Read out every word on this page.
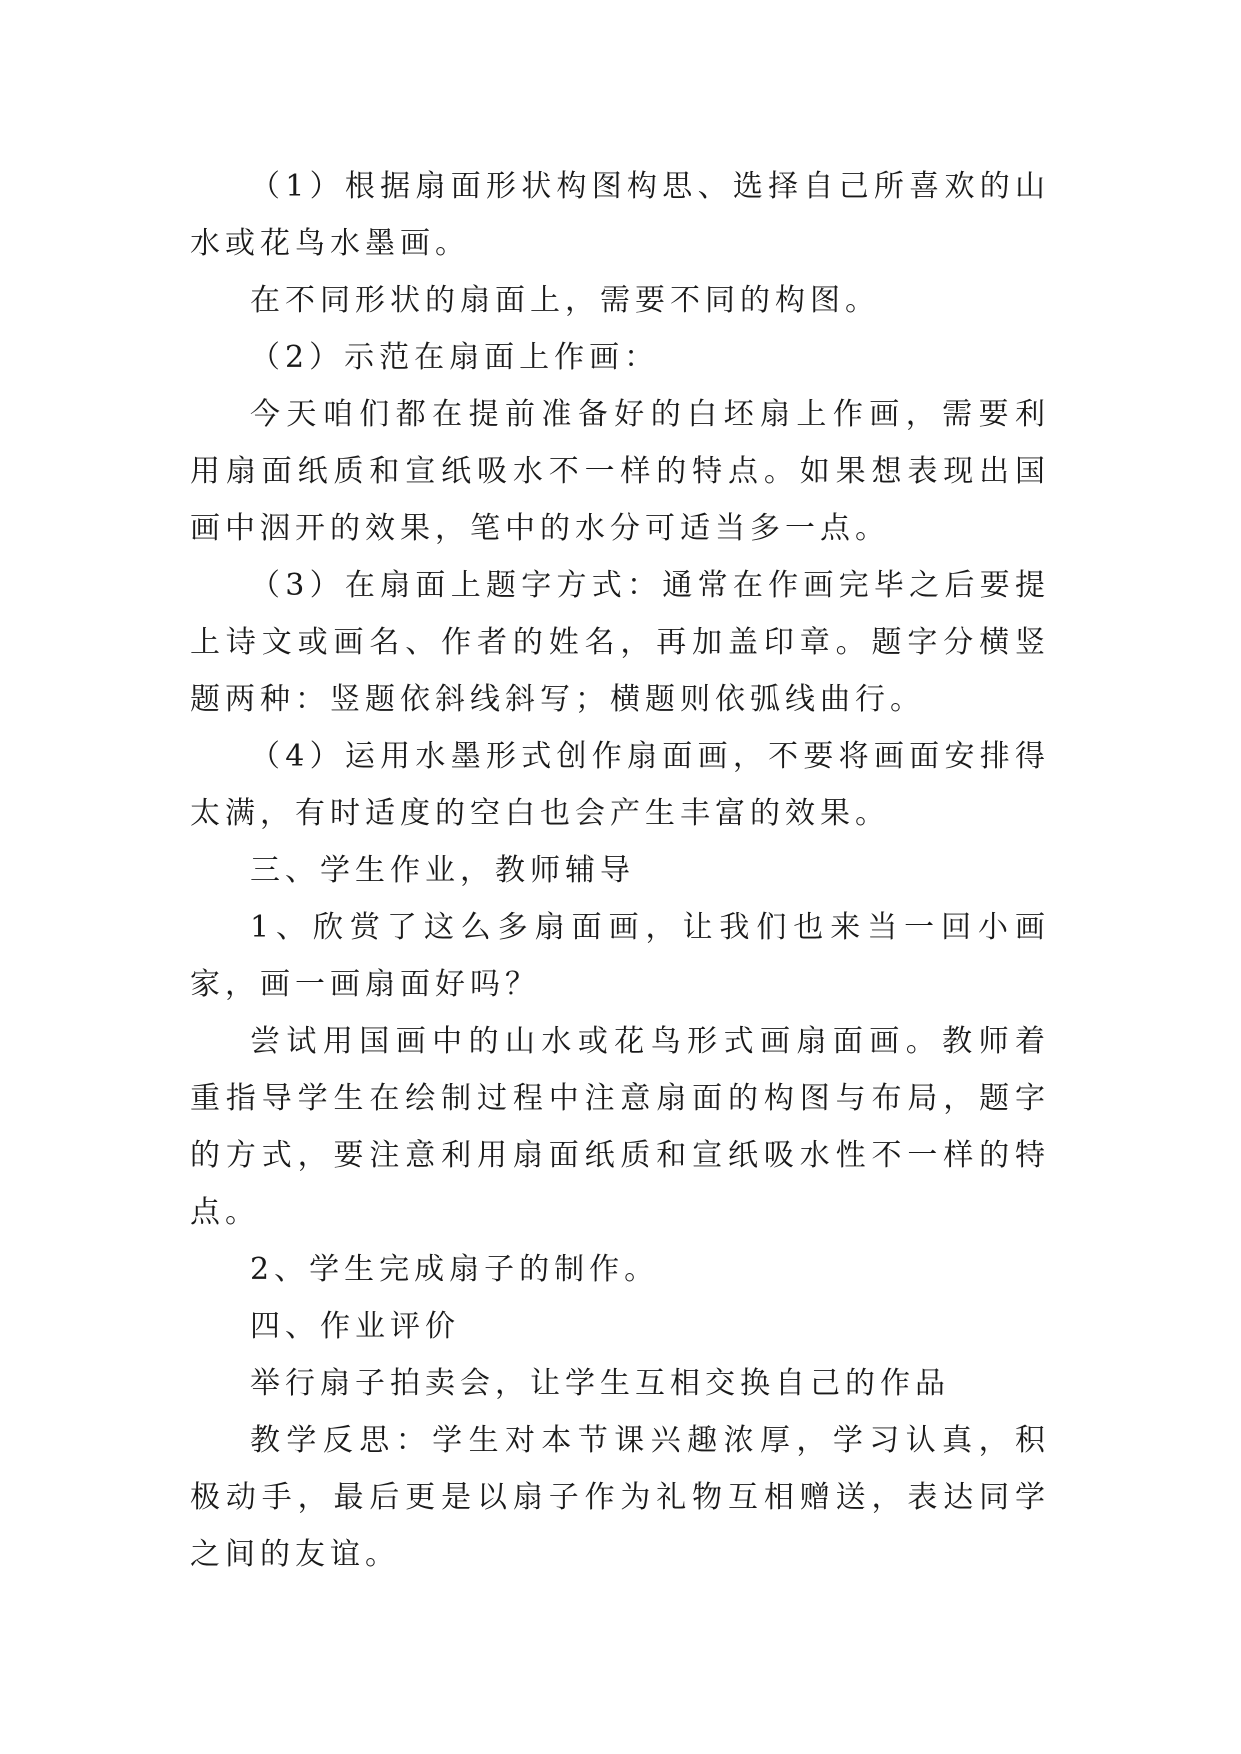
（1）根据扇面形状构图构思、选择自己所喜欢的山水或花鸟水墨画。

在不同形状的扇面上，需要不同的构图。

（2）示范在扇面上作画：

今天咱们都在提前准备好的白坯扇上作画，需要利用扇面纸质和宣纸吸水不一样的特点。如果想表现出国画中洇开的效果，笔中的水分可适当多一点。

（3）在扇面上题字方式：通常在作画完毕之后要提上诗文或画名、作者的姓名，再加盖印章。题字分横竖题两种：竖题依斜线斜写；横题则依弧线曲行。

（4）运用水墨形式创作扇面画，不要将画面安排得太满，有时适度的空白也会产生丰富的效果。

三、学生作业，教师辅导

1、欣赏了这么多扇面画，让我们也来当一回小画家，画一画扇面好吗？

尝试用国画中的山水或花鸟形式画扇面画。教师着重指导学生在绘制过程中注意扇面的构图与布局，题字的方式，要注意利用扇面纸质和宣纸吸水性不一样的特点。

2、学生完成扇子的制作。

四、作业评价

举行扇子拍卖会，让学生互相交换自己的作品

教学反思：学生对本节课兴趣浓厚，学习认真，积极动手，最后更是以扇子作为礼物互相赠送，表达同学之间的友谊。
